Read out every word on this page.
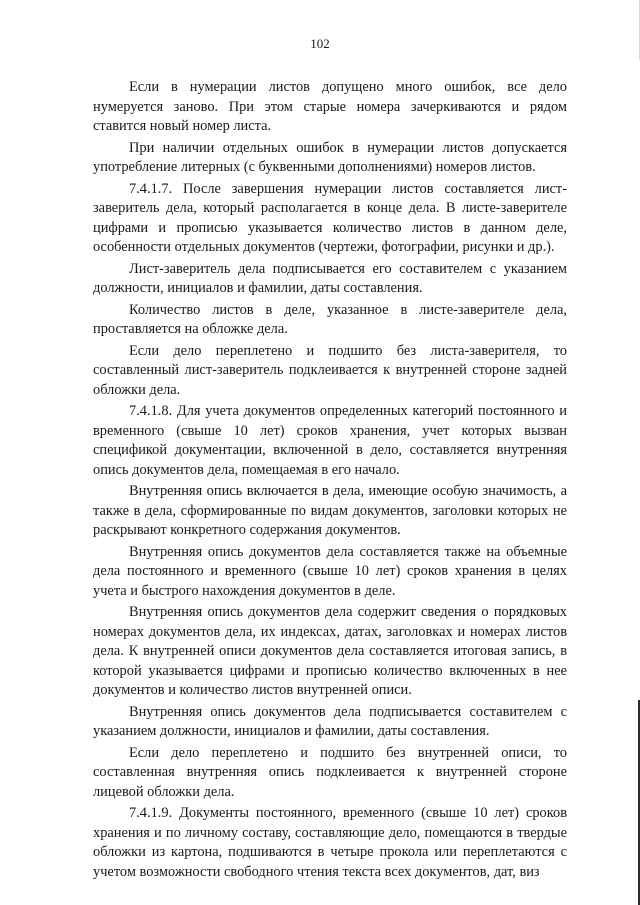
102

Если в нумерации листов допущено много ошибок, все дело нумеруется заново. При этом старые номера зачеркиваются и рядом ставится новый номер листа.

При наличии отдельных ошибок в нумерации листов допускается употребление литерных (с буквенными дополнениями) номеров листов.

7.4.1.7. После завершения нумерации листов составляется лист-заверитель дела, который располагается в конце дела. В листе-заверителе цифрами и прописью указывается количество листов в данном деле, особенности отдельных документов (чертежи, фотографии, рисунки и др.).

Лист-заверитель дела подписывается его составителем с указанием должности, инициалов и фамилии, даты составления.

Количество листов в деле, указанное в листе-заверителе дела, проставляется на обложке дела.

Если дело переплетено и подшито без листа-заверителя, то составленный лист-заверитель подклеивается к внутренней стороне задней обложки дела.

7.4.1.8. Для учета документов определенных категорий постоянного и временного (свыше 10 лет) сроков хранения, учет которых вызван спецификой документации, включенной в дело, составляется внутренняя опись документов дела, помещаемая в его начало.

Внутренняя опись включается в дела, имеющие особую значимость, а также в дела, сформированные по видам документов, заголовки которых не раскрывают конкретного содержания документов.

Внутренняя опись документов дела составляется также на объемные дела постоянного и временного (свыше 10 лет) сроков хранения в целях учета и быстрого нахождения документов в деле.

Внутренняя опись документов дела содержит сведения о порядковых номерах документов дела, их индексах, датах, заголовках и номерах листов дела. К внутренней описи документов дела составляется итоговая запись, в которой указывается цифрами и прописью количество включенных в нее документов и количество листов внутренней описи.

Внутренняя опись документов дела подписывается составителем с указанием должности, инициалов и фамилии, даты составления.

Если дело переплетено и подшито без внутренней описи, то составленная внутренняя опись подклеивается к внутренней стороне лицевой обложки дела.

7.4.1.9. Документы постоянного, временного (свыше 10 лет) сроков хранения и по личному составу, составляющие дело, помещаются в твердые обложки из картона, подшиваются в четыре прокола или переплетаются с учетом возможности свободного чтения текста всех документов, дат, виз
